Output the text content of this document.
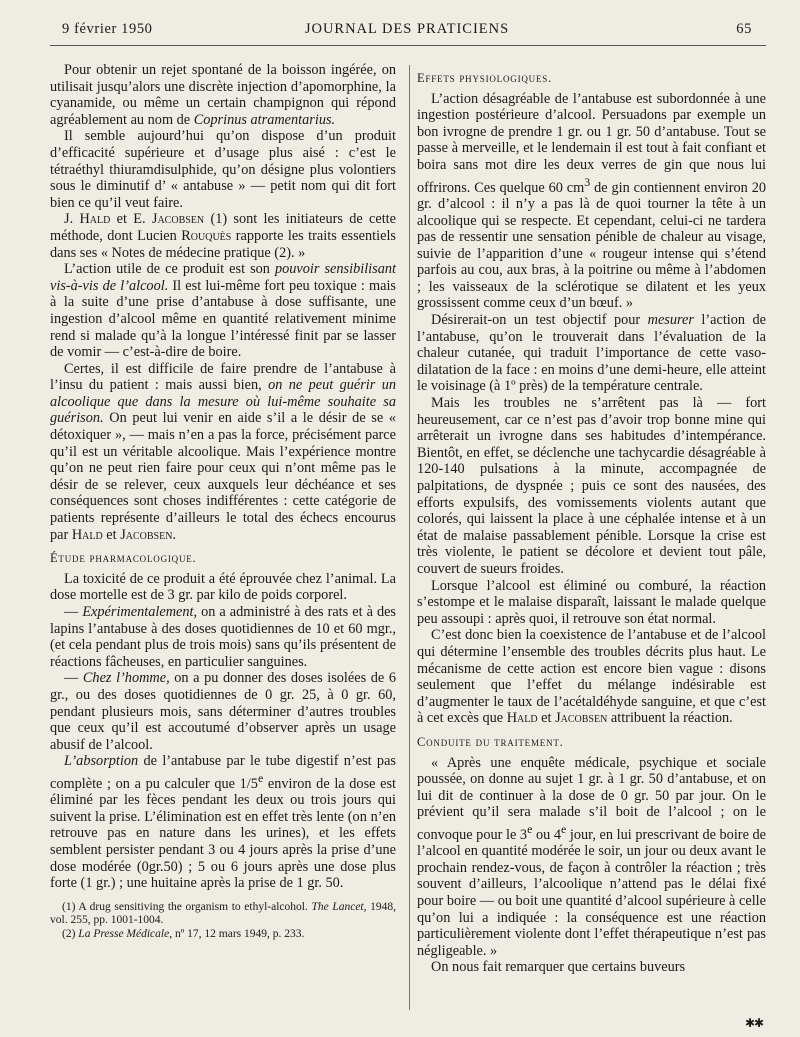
9 février 1950	JOURNAL DES PRATICIENS	65

Pour obtenir un rejet spontané de la boisson ingérée, on utilisait jusqu’alors une discrète injection d’apomorphine, la cyanamide, ou même un certain champignon qui répond agréablement au nom de Coprinus atramentarius.

Il semble aujourd’hui qu’on dispose d’un produit d’efficacité supérieure et d’usage plus aisé : c’est le tétraéthyl thiuramdisulphide, qu’on désigne plus volontiers sous le diminutif d’ « antabuse » — petit nom qui dit fort bien ce qu’il veut faire.

J. Hald et E. Jacobsen (1) sont les initiateurs de cette méthode, dont Lucien Rouquès rapporte les traits essentiels dans ses « Notes de médecine pratique (2). »

L’action utile de ce produit est son pouvoir sensibilisant vis-à-vis de l’alcool. Il est lui-même fort peu toxique : mais à la suite d’une prise d’antabuse à dose suffisante, une ingestion d’alcool même en quantité relativement minime rend si malade qu’à la longue l’intéressé finit par se lasser de vomir — c’est-à-dire de boire.

Certes, il est difficile de faire prendre de l’antabuse à l’insu du patient : mais aussi bien, on ne peut guérir un alcoolique que dans la mesure où lui-même souhaite sa guérison. On peut lui venir en aide s’il a le désir de se « détoxiquer », — mais n’en a pas la force, précisément parce qu’il est un véritable alcoolique. Mais l’expérience montre qu’on ne peut rien faire pour ceux qui n’ont même pas le désir de se relever, ceux auxquels leur déchéance et ses conséquences sont choses indifférentes : cette catégorie de patients représente d’ailleurs le total des échecs encourus par Hald et Jacobsen.

Étude pharmacologique.

La toxicité de ce produit a été éprouvée chez l’animal. La dose mortelle est de 3 gr. par kilo de poids corporel.

— Expérimentalement, on a administré à des rats et à des lapins l’antabuse à des doses quotidiennes de 10 et 60 mgr., (et cela pendant plus de trois mois) sans qu’ils présentent de réactions fâcheuses, en particulier sanguines.

— Chez l’homme, on a pu donner des doses isolées de 6 gr., ou des doses quotidiennes de 0 gr. 25, à 0 gr. 60, pendant plusieurs mois, sans déterminer d’autres troubles que ceux qu’il est accoutumé d’observer après un usage abusif de l’alcool.

L’absorption de l’antabuse par le tube digestif n’est pas complète ; on a pu calculer que 1/5e environ de la dose est éliminé par les fèces pendant les deux ou trois jours qui suivent la prise. L’élimination est en effet très lente (on n’en retrouve pas en nature dans les urines), et les effets semblent persister pendant 3 ou 4 jours après la prise d’une dose modérée (0gr.50) ; 5 ou 6 jours après une dose plus forte (1 gr.) ; une huitaine après la prise de 1 gr. 50.

(1) A drug sensitiving the organism to ethyl-alcohol. The Lancet, 1948, vol. 255, pp. 1001-1004.

(2) La Presse Médicale, nº 17, 12 mars 1949, p. 233.

Effets physiologiques.

L’action désagréable de l’antabuse est subordonnée à une ingestion postérieure d’alcool. Persuadons par exemple un bon ivrogne de prendre 1 gr. ou 1 gr. 50 d’antabuse. Tout se passe à merveille, et le lendemain il est tout à fait confiant et boira sans mot dire les deux verres de gin que nous lui offrirons. Ces quelque 60 $cm^3$ de gin contiennent environ 20 gr. d’alcool : il n’y a pas là de quoi tourner la tête à un alcoolique qui se respecte. Et cependant, celui-ci ne tardera pas de ressentir une sensation pénible de chaleur au visage, suivie de l’apparition d’une « rougeur intense qui s’étend parfois au cou, aux bras, à la poitrine ou même à l’abdomen ; les vaisseaux de la sclérotique se dilatent et les yeux grossissent comme ceux d’un bœuf. »

Désirerait-on un test objectif pour mesurer l’action de l’antabuse, qu’on le trouverait dans l’évaluation de la chaleur cutanée, qui traduit l’importance de cette vaso-dilatation de la face : en moins d’une demi-heure, elle atteint le voisinage (à 1º près) de la température centrale.

Mais les troubles ne s’arrêtent pas là — fort heureusement, car ce n’est pas d’avoir trop bonne mine qui arrêterait un ivrogne dans ses habitudes d’intempérance. Bientôt, en effet, se déclenche une tachycardie désagréable à 120-140 pulsations à la minute, accompagnée de palpitations, de dyspnée ; puis ce sont des nausées, des efforts expulsifs, des vomissements violents autant que colorés, qui laissent la place à une céphalée intense et à un état de malaise passablement pénible. Lorsque la crise est très violente, le patient se décolore et devient tout pâle, couvert de sueurs froides.

Lorsque l’alcool est éliminé ou comburé, la réaction s’estompe et le malaise disparaît, laissant le malade quelque peu assoupi : après quoi, il retrouve son état normal.

C’est donc bien la coexistence de l’antabuse et de l’alcool qui détermine l’ensemble des troubles décrits plus haut. Le mécanisme de cette action est encore bien vague : disons seulement que l’effet du mélange indésirable est d’augmenter le taux de l’acétaldéhyde sanguine, et que c’est à cet excès que Hald et Jacobsen attribuent la réaction.

Conduite du traitement.

« Après une enquête médicale, psychique et sociale poussée, on donne au sujet 1 gr. à 1 gr. 50 d’antabuse, et on lui dit de continuer à la dose de 0 gr. 50 par jour. On le prévient qu’il sera malade s’il boit de l’alcool ; on le convoque pour le 3e ou 4e jour, en lui prescrivant de boire de l’alcool en quantité modérée le soir, un jour ou deux avant le prochain rendez-vous, de façon à contrôler la réaction ; très souvent d’ailleurs, l’alcoolique n’attend pas le délai fixé pour boire — ou boit une quantité d’alcool supérieure à celle qu’on lui a indiquée : la conséquence est une réaction particulièrement violente dont l’effet thérapeutique n’est pas négligeable. »

On nous fait remarquer que certains buveurs

✱✱
